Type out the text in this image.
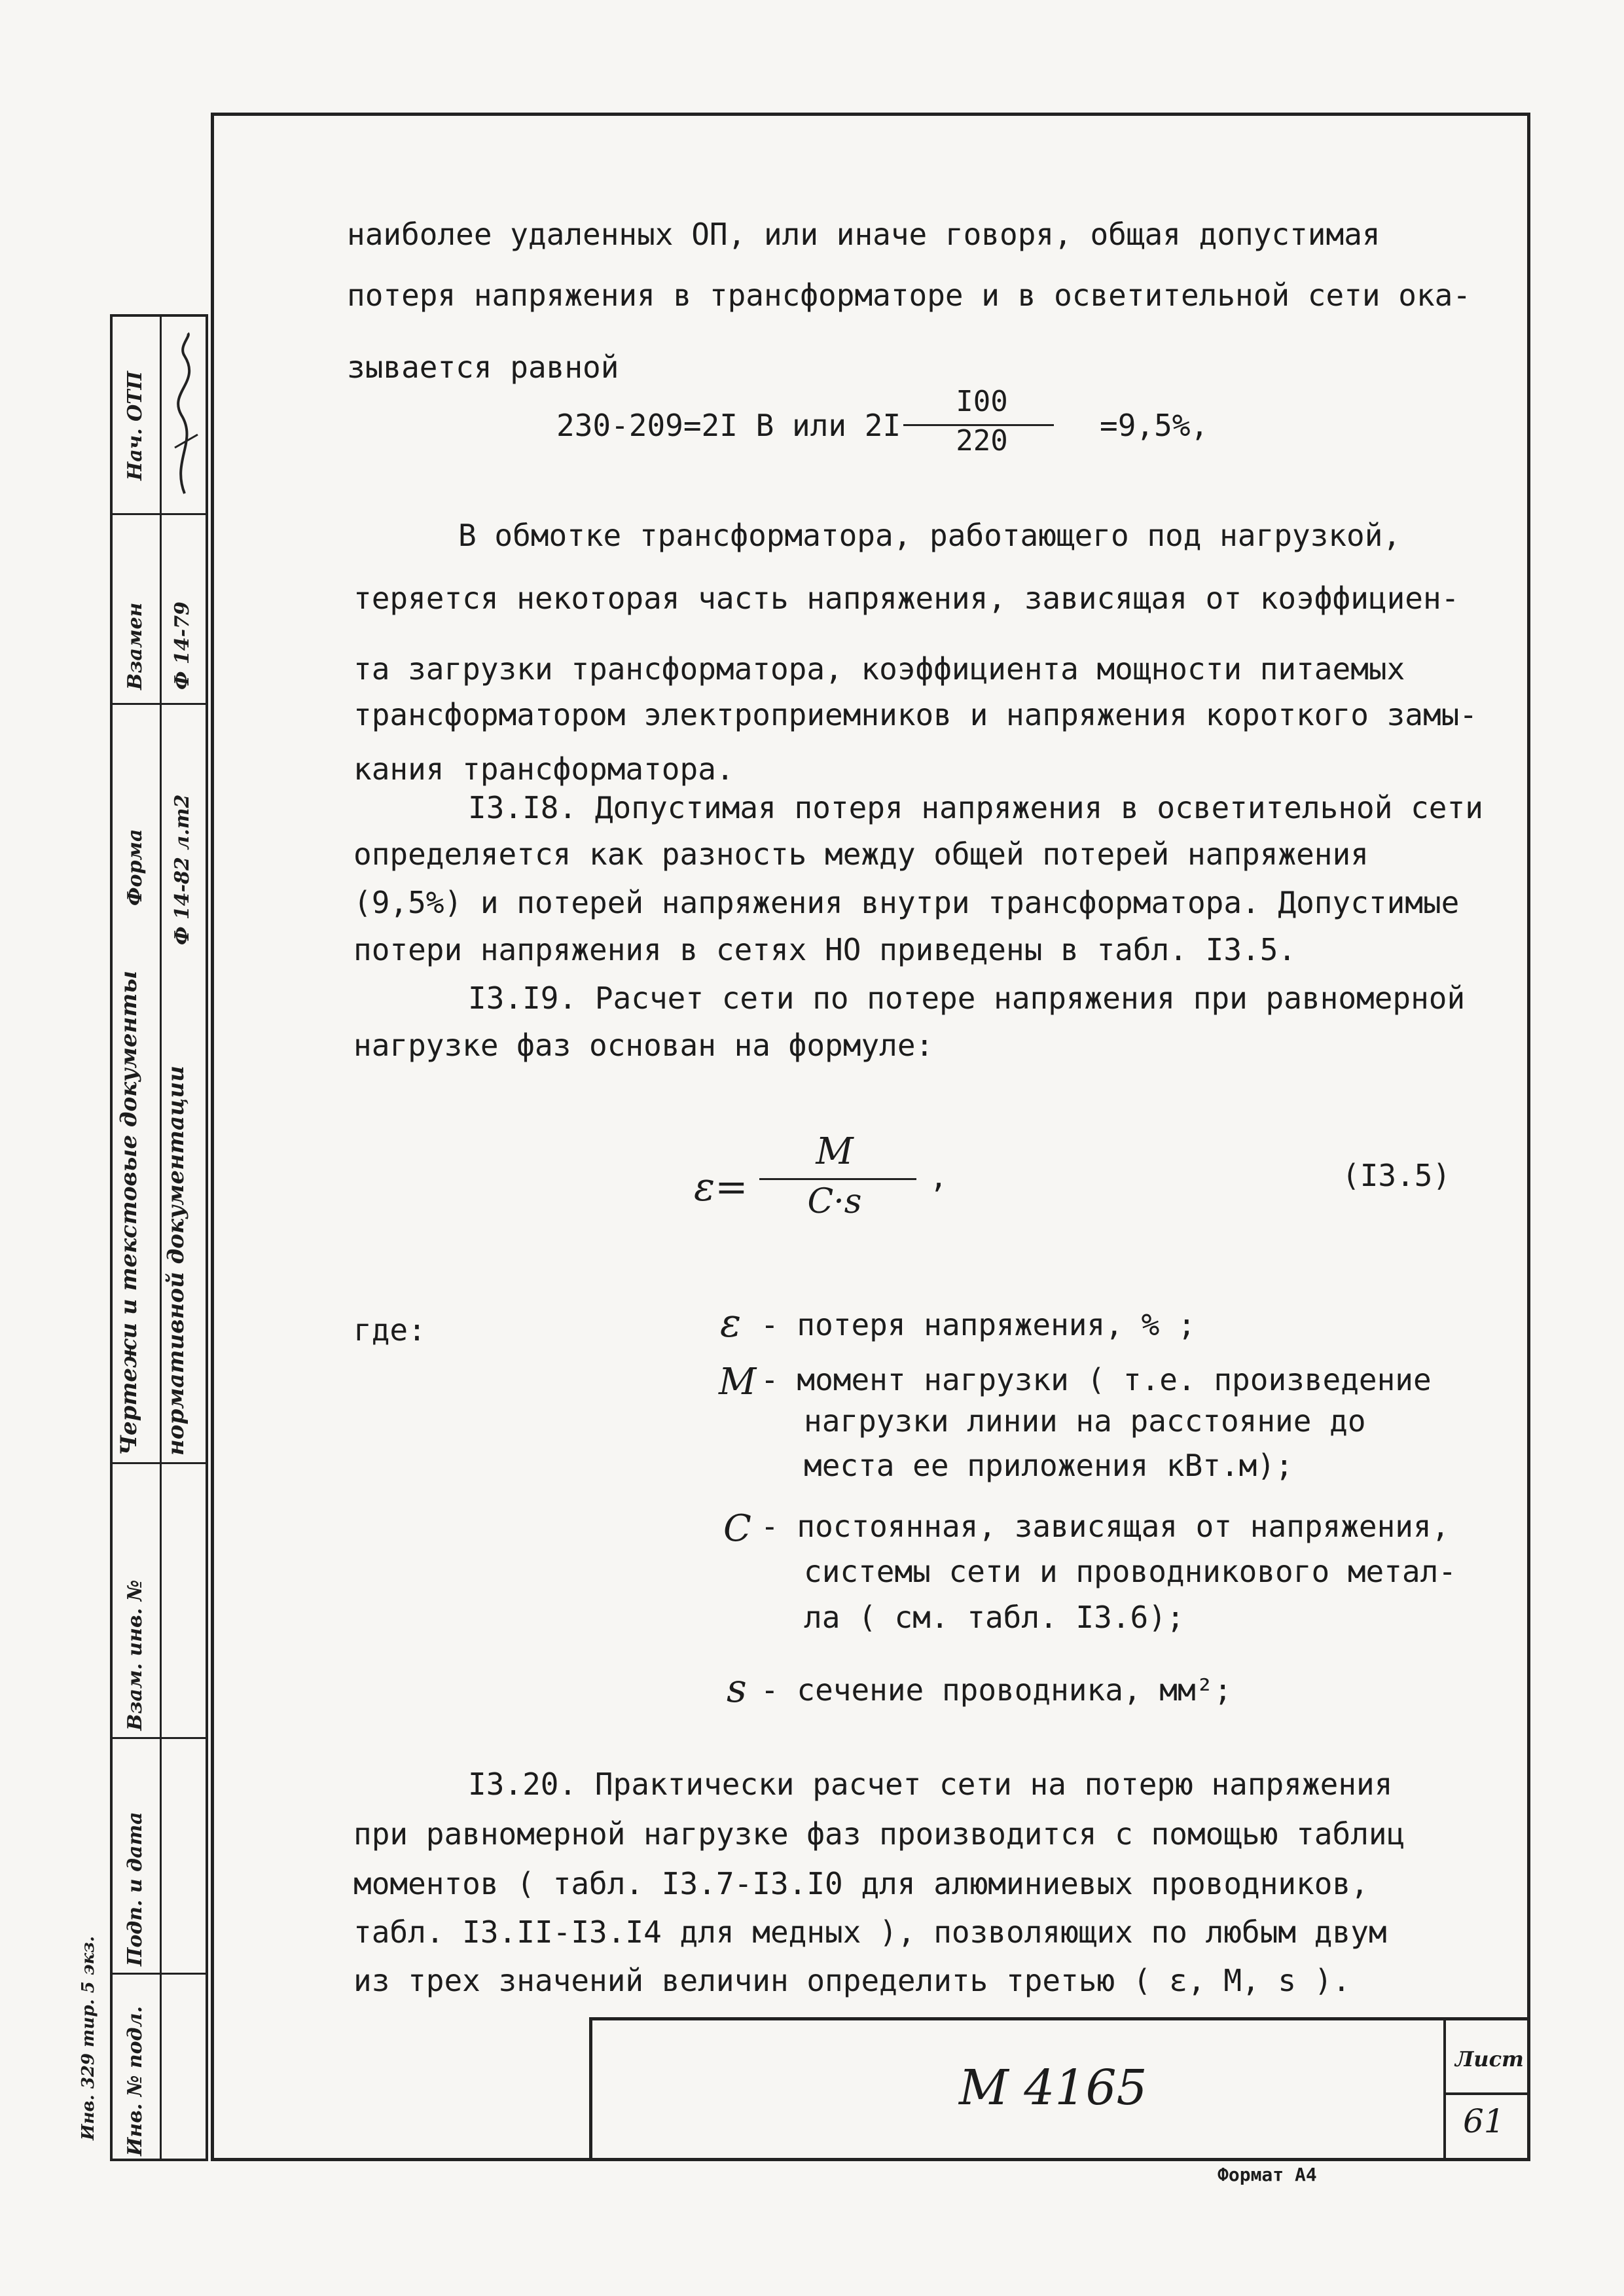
наиболее удаленных ОП, или иначе говоря, общая допустимая
потеря напряжения в трансформаторе и в осветительной сети ока-
зывается равной
230-209=2I В или 2I
I00
220	=9,5%,
В обмотке трансформатора, работающего под нагрузкой,
теряется некоторая часть напряжения, зависящая от коэффициен-
та загрузки трансформатора, коэффициента мощности питаемых
трансформатором электроприемников и напряжения короткого замы-
кания трансформатора.
I3.I8. Допустимая потеря напряжения в осветительной сети
определяется как разность между общей потерей напряжения
(9,5%) и потерей напряжения внутри трансформатора. Допустимые
потери напряжения в сетях НО приведены в табл. I3.5.
I3.I9. Расчет сети по потере напряжения при равномерной
нагрузке фаз основан на формуле:
ε=
M
C·s
,	(I3.5)
где:	ε - потеря напряжения, % ;
M - момент нагрузки ( т.е. произведение
нагрузки линии на расстояние до
места ее приложения кВт.м);
C - постоянная, зависящая от напряжения,
системы сети и проводникового метал-
ла ( см. табл. I3.6);
s - сечение проводника, мм²;
I3.20. Практически расчет сети на потерю напряжения
при равномерной нагрузке фаз производится с помощью таблиц
моментов ( табл. I3.7-I3.I0 для алюминиевых проводников,
табл. I3.II-I3.I4 для медных ), позволяющих по любым двум
из трех значений величин определить третью ( ε, M, s ).
Нач. ОТП
Взамен Ф 14-79
Форма Ф 14-82 л.т2
Чертежи и текстовые документы нормативной документации
Взам. инв. №
Подп. и дата
Инв. № подл.
Инв. 329 тир. 5 экз.	М 4165
Лист
61
Формат А4
